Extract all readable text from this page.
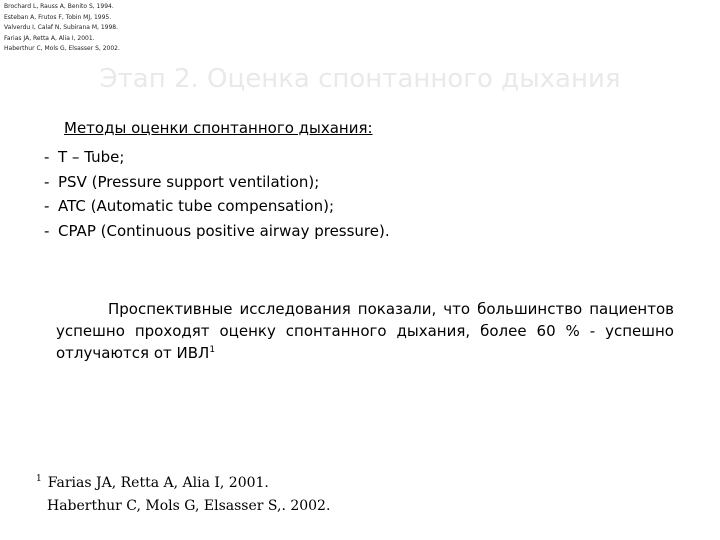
Brochard L, Rauss A, Benito S, 1994.
Esteban A, Frutos F, Tobin MJ, 1995.
Valverdu I, Calaf N, Subirana M, 1998.
Farias JA, Retta A, Alia I, 2001.
Haberthur C, Mols G, Elsasser S, 2002.
Этап 2. Оценка спонтанного дыхания
Методы оценки спонтанного дыхания:
- T – Tube;
- PSV (Pressure support ventilation);
- ATC (Automatic tube compensation);
- CPAP (Continuous positive airway pressure).
Проспективные исследования показали, что большинство пациентов успешно проходят оценку спонтанного дыхания, более 60 % - успешно отлучаются от ИВЛ$^1$
$^1$ Farias JA, Retta A, Alia I, 2001.
Haberthur C, Mols G, Elsasser S,. 2002.
